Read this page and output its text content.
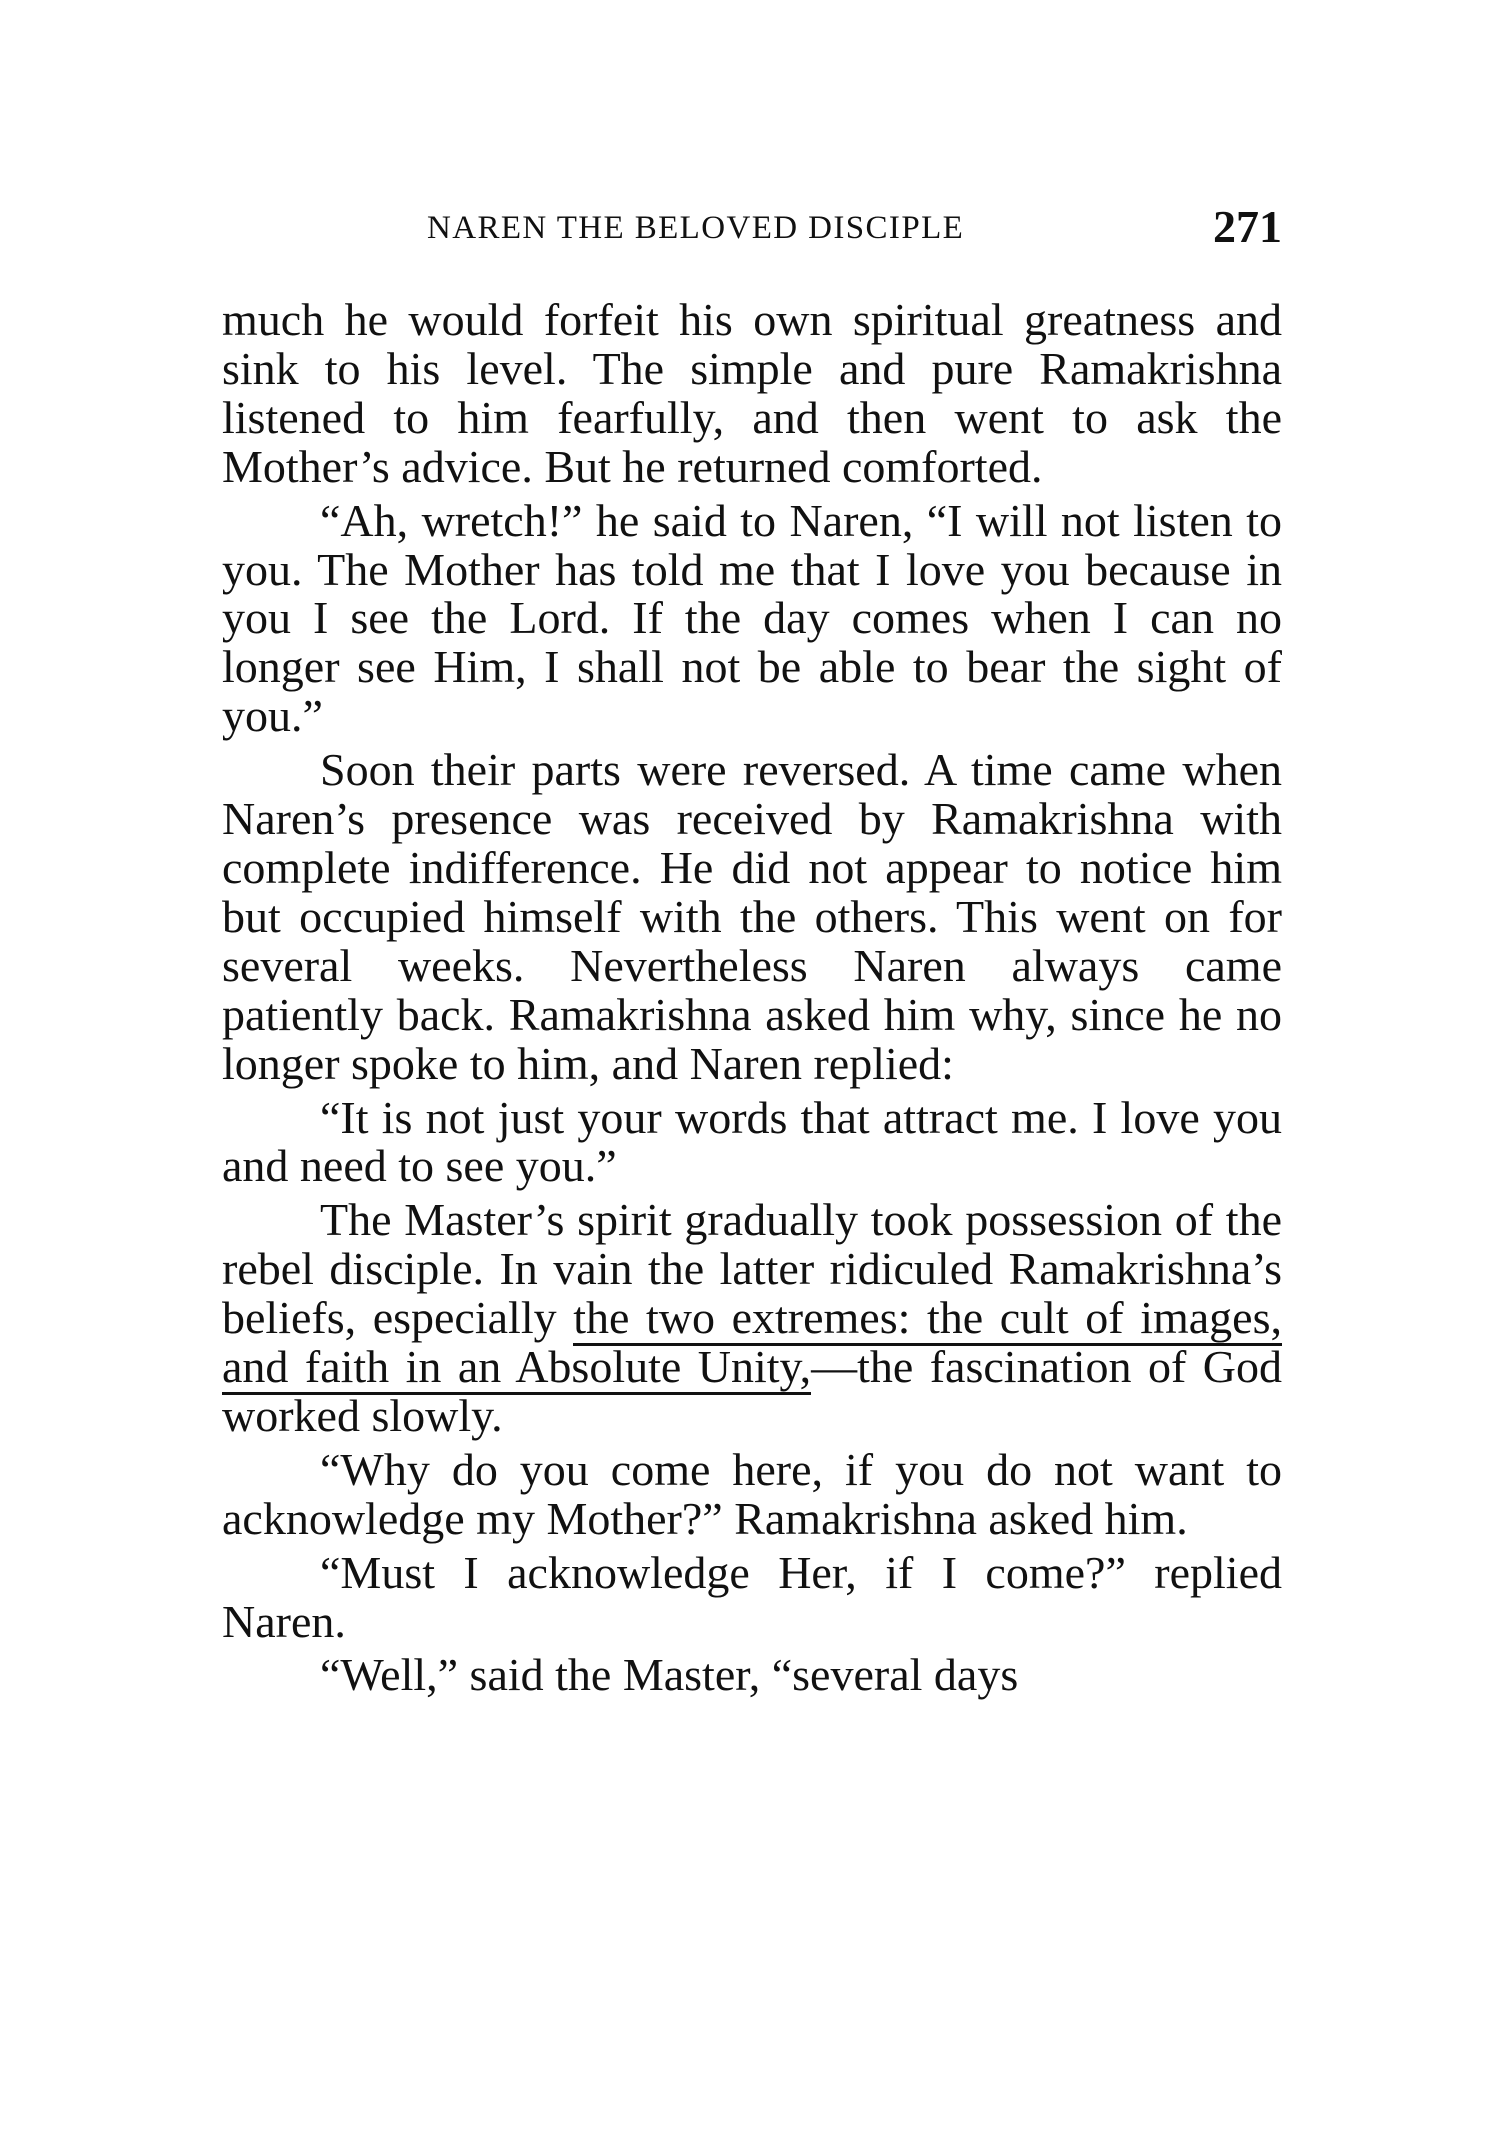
NAREN THE BELOVED DISCIPLE	271

much he would forfeit his own spiritual greatness and sink to his level. The simple and pure Ramakrishna listened to him fearfully, and then went to ask the Mother’s advice. But he returned comforted.

“Ah, wretch!” he said to Naren, “I will not listen to you. The Mother has told me that I love you because in you I see the Lord. If the day comes when I can no longer see Him, I shall not be able to bear the sight of you.”

Soon their parts were reversed. A time came when Naren’s presence was received by Ramakrishna with complete indifference. He did not appear to notice him but occupied himself with the others. This went on for several weeks. Nevertheless Naren always came patiently back. Ramakrishna asked him why, since he no longer spoke to him, and Naren replied:

“It is not just your words that attract me. I love you and need to see you.”

The Master’s spirit gradually took possession of the rebel disciple. In vain the latter ridiculed Ramakrishna’s beliefs, especially the two extremes: the cult of images, and faith in an Absolute Unity,—the fascination of God worked slowly.

“Why do you come here, if you do not want to acknowledge my Mother?” Ramakrishna asked him.

“Must I acknowledge Her, if I come?” replied Naren.

“Well,” said the Master, “several days
